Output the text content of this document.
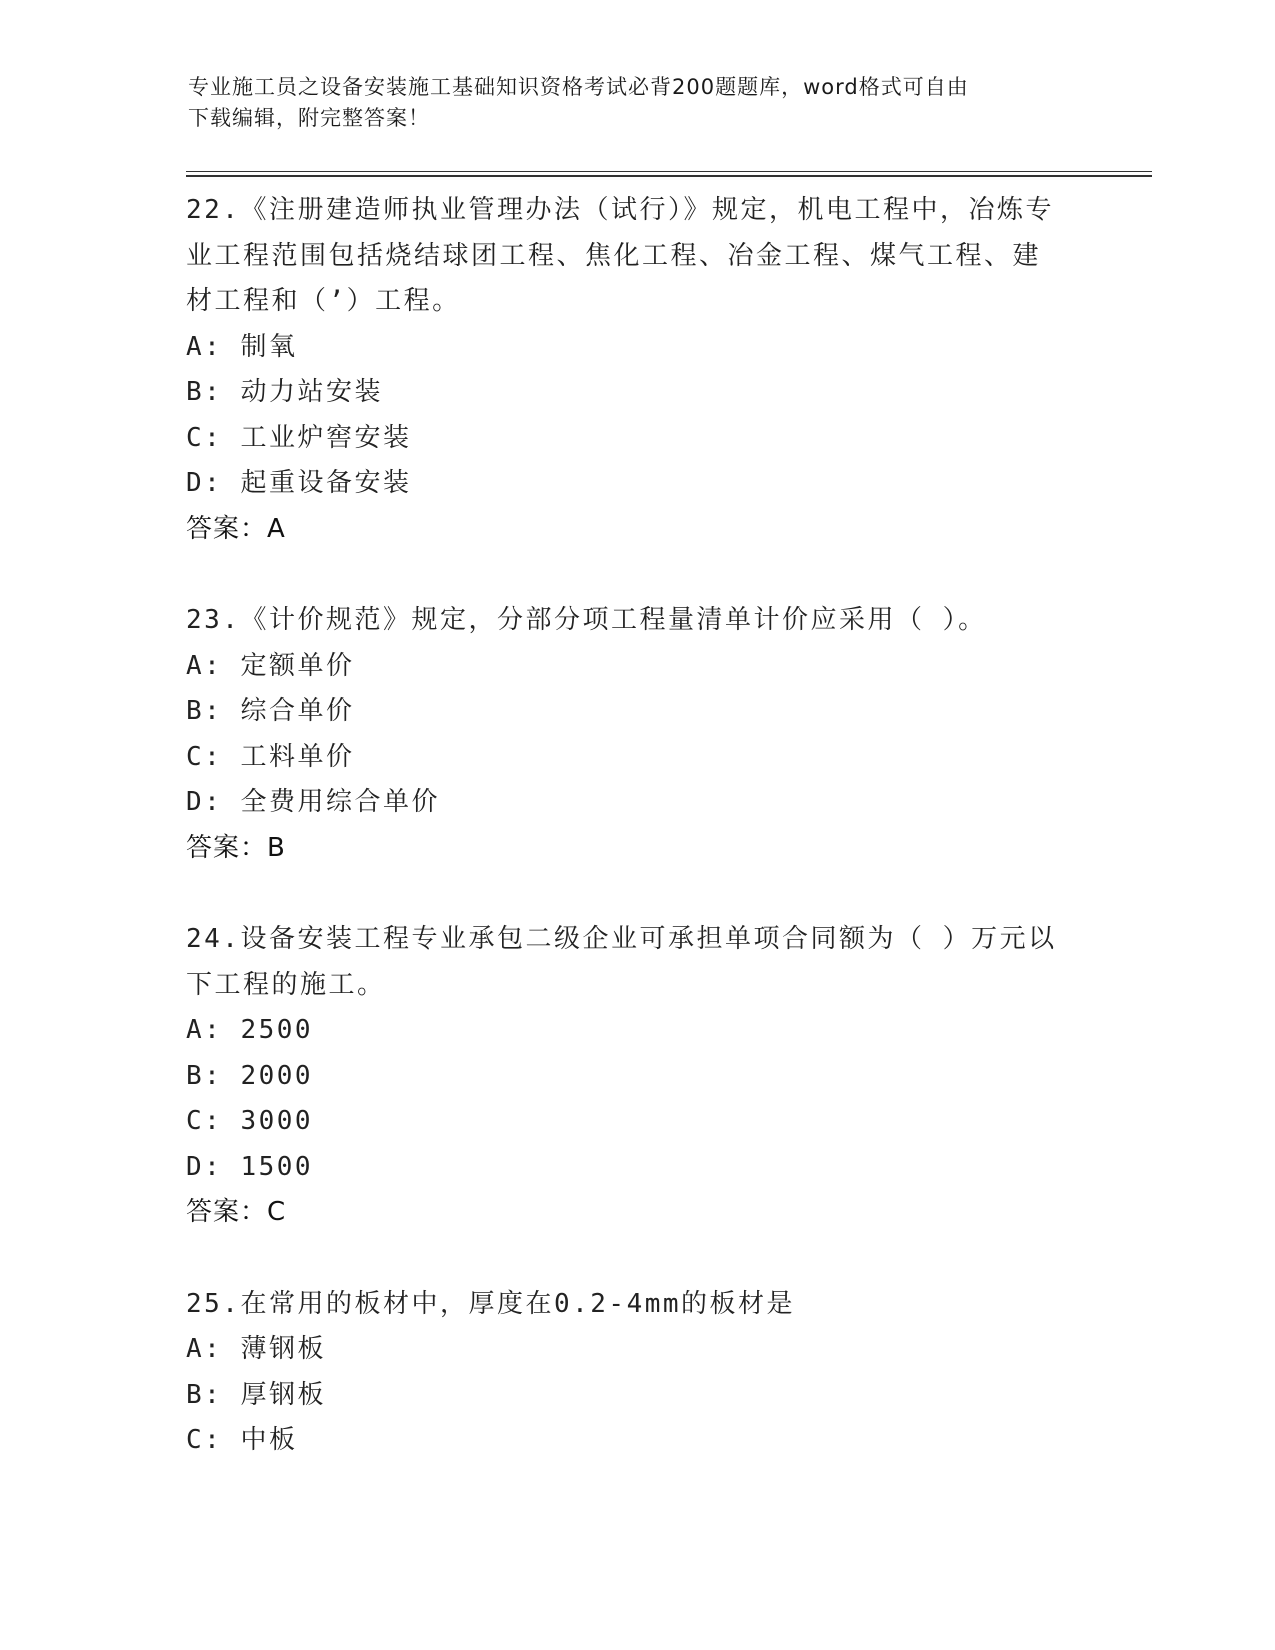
专业施工员之设备安装施工基础知识资格考试必背200题题库，word格式可自由
下载编辑，附完整答案！
22.《注册建造师执业管理办法（试行）》规定，机电工程中，冶炼专
业工程范围包括烧结球团工程、焦化工程、冶金工程、煤气工程、建
材工程和（’）工程。
A: 制氧
B: 动力站安装
C: 工业炉窖安装
D: 起重设备安装
答案：A
23.《计价规范》规定，分部分项工程量清单计价应采用（ ）。
A: 定额单价
B: 综合单价
C: 工料单价
D: 全费用综合单价
答案：B
24.设备安装工程专业承包二级企业可承担单项合同额为（ ）万元以
下工程的施工。
A: 2500
B: 2000
C: 3000
D: 1500
答案：C
25.在常用的板材中，厚度在0.2-4mm的板材是
A: 薄钢板
B: 厚钢板
C: 中板
